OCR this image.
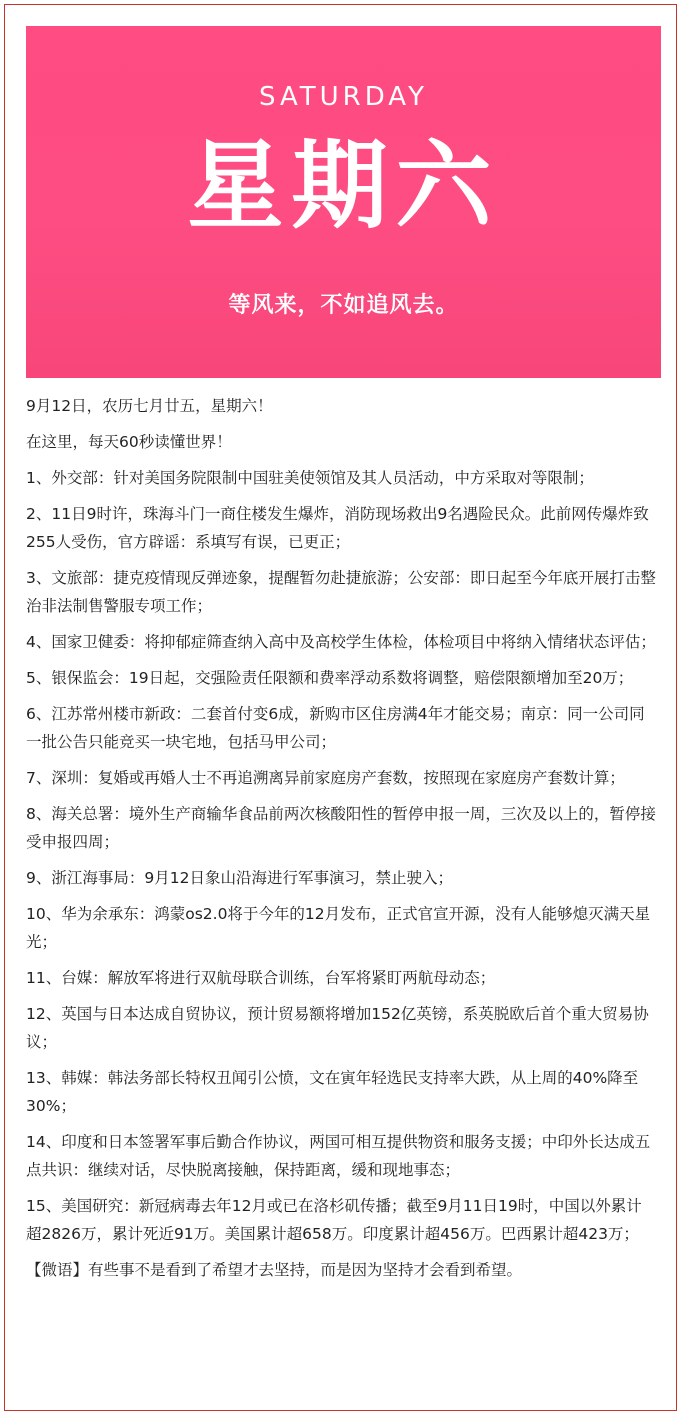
SATURDAY
星期六
等风来，不如追风去。

9月12日，农历七月廿五，星期六！

在这里，每天60秒读懂世界！

1、外交部：针对美国务院限制中国驻美使领馆及其人员活动，中方采取对等限制；

2、11日9时许，珠海斗门一商住楼发生爆炸，消防现场救出9名遇险民众。此前网传爆炸致255人受伤，官方辟谣：系填写有误，已更正；

3、文旅部：捷克疫情现反弹迹象，提醒暂勿赴捷旅游；公安部：即日起至今年底开展打击整治非法制售警服专项工作；

4、国家卫健委：将抑郁症筛查纳入高中及高校学生体检，体检项目中将纳入情绪状态评估；

5、银保监会：19日起，交强险责任限额和费率浮动系数将调整，赔偿限额增加至20万；

6、江苏常州楼市新政：二套首付变6成，新购市区住房满4年才能交易；南京：同一公司同一批公告只能竞买一块宅地，包括马甲公司；

7、深圳：复婚或再婚人士不再追溯离异前家庭房产套数，按照现在家庭房产套数计算；

8、海关总署：境外生产商输华食品前两次核酸阳性的暂停申报一周，三次及以上的，暂停接受申报四周；

9、浙江海事局：9月12日象山沿海进行军事演习，禁止驶入；

10、华为余承东：鸿蒙os2.0将于今年的12月发布，正式官宣开源，没有人能够熄灭满天星光；

11、台媒：解放军将进行双航母联合训练，台军将紧盯两航母动态；

12、英国与日本达成自贸协议，预计贸易额将增加152亿英镑，系英脱欧后首个重大贸易协议；

13、韩媒：韩法务部长特权丑闻引公愤，文在寅年轻选民支持率大跌，从上周的40%降至30%；

14、印度和日本签署军事后勤合作协议，两国可相互提供物资和服务支援；中印外长达成五点共识：继续对话，尽快脱离接触，保持距离，缓和现地事态；

15、美国研究：新冠病毒去年12月或已在洛杉矶传播；截至9月11日19时，中国以外累计超2826万，累计死近91万。美国累计超658万。印度累计超456万。巴西累计超423万；

【微语】有些事不是看到了希望才去坚持，而是因为坚持才会看到希望。
